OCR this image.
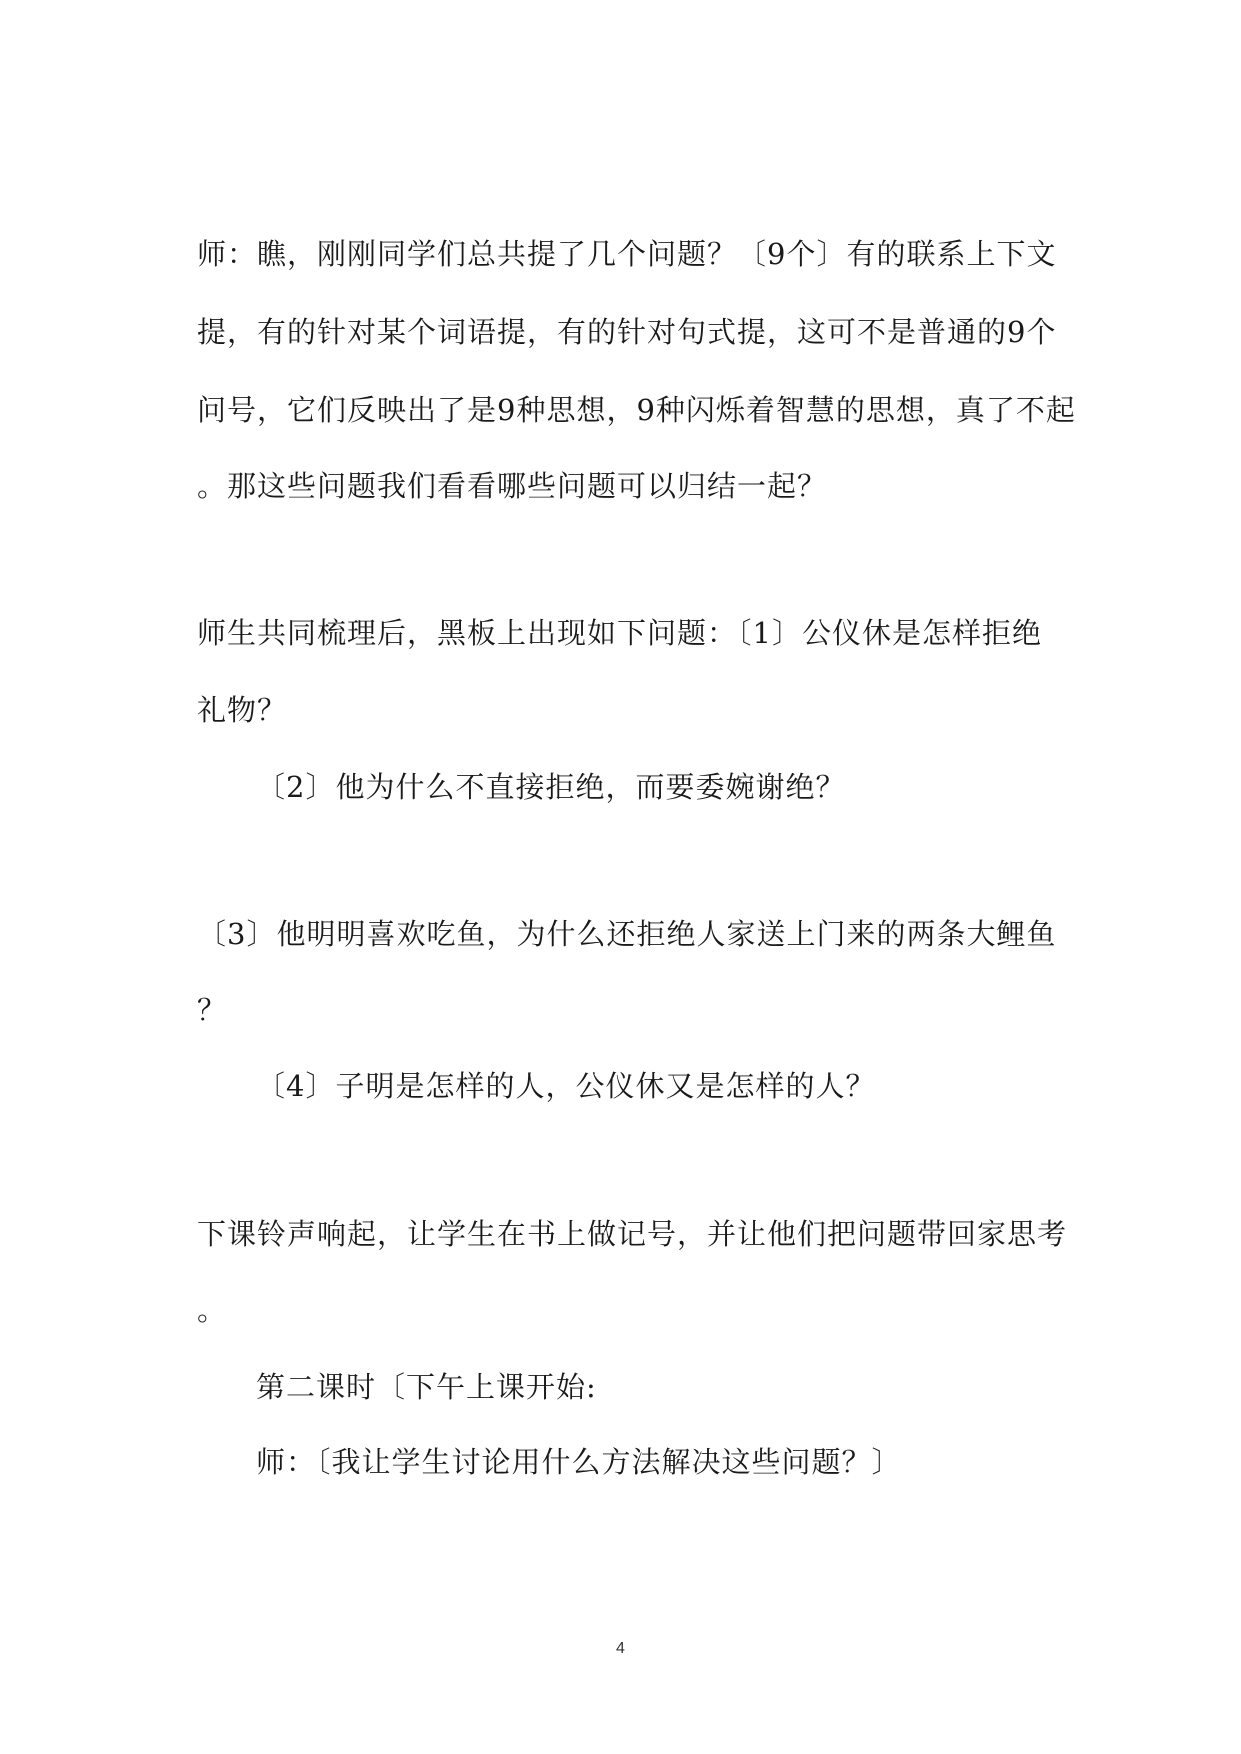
师：瞧，刚刚同学们总共提了几个问题？〔9个〕有的联系上下文
提，有的针对某个词语提，有的针对句式提，这可不是普通的9个
问号，它们反映出了是9种思想，9种闪烁着智慧的思想，真了不起
。那这些问题我们看看哪些问题可以归结一起？
师生共同梳理后，黑板上出现如下问题：〔1〕公仪休是怎样拒绝
礼物？
〔2〕他为什么不直接拒绝，而要委婉谢绝？
〔3〕他明明喜欢吃鱼，为什么还拒绝人家送上门来的两条大鲤鱼
？
〔4〕子明是怎样的人，公仪休又是怎样的人？
下课铃声响起，让学生在书上做记号，并让他们把问题带回家思考
。
第二课时〔下午上课开始:
师：〔我让学生讨论用什么方法解决这些问题？〕
4
